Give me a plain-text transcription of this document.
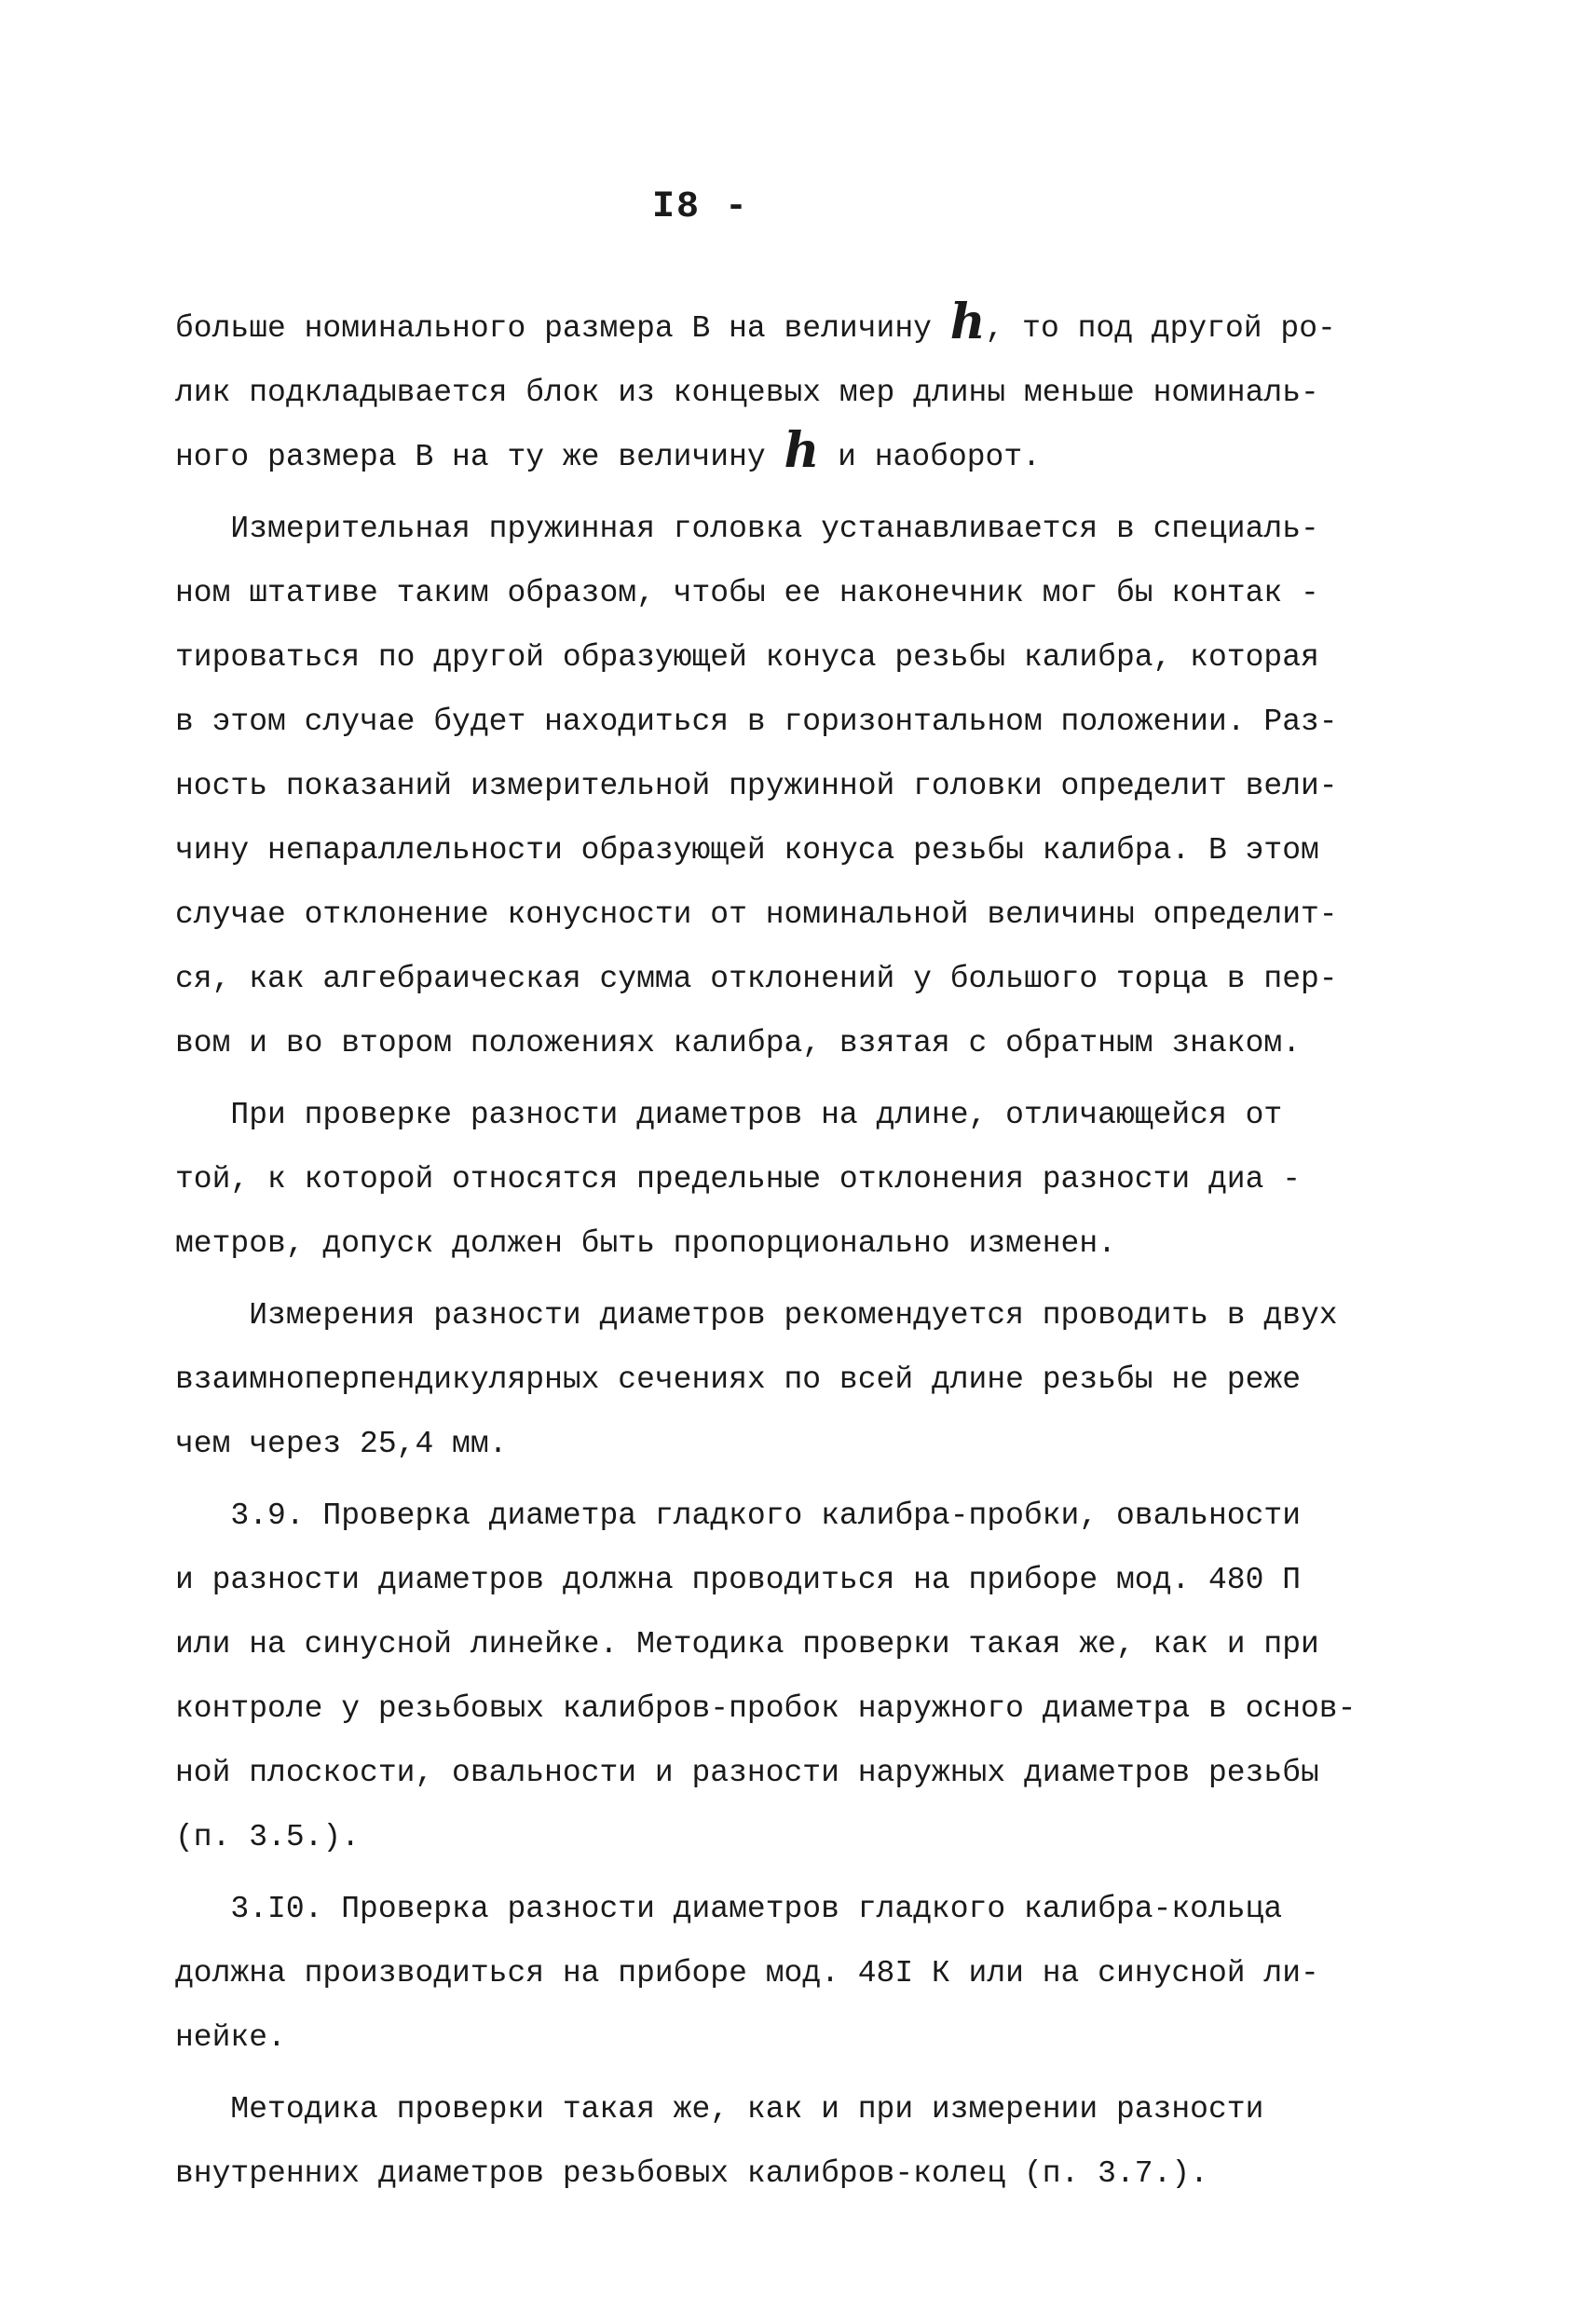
I8 -
больше номинального размера В на величину h, то под другой ро-
лик подкладывается блок из концевых мер длины меньше номиналь-
ного размера В на ту же величину h и наоборот.
Измерительная пружинная головка устанавливается в специаль-
ном штативе таким образом, чтобы ее наконечник мог бы контак -
тироваться по другой образующей конуса резьбы калибра, которая
в этом случае будет находиться в горизонтальном положении. Раз-
ность показаний измерительной пружинной головки определит вели-
чину непараллельности образующей конуса резьбы калибра. В этом
случае отклонение конусности от номинальной величины определит-
ся, как алгебраическая сумма отклонений у большого торца в пер-
вом и во втором положениях калибра, взятая с обратным знаком.
При проверке разности диаметров на длине, отличающейся от
той, к которой относятся предельные отклонения разности диа -
метров, допуск должен быть пропорционально изменен.
Измерения разности диаметров рекомендуется проводить в двух
взаимноперпендикулярных сечениях по всей длине резьбы не реже
чем через 25,4 мм.
3.9. Проверка диаметра гладкого калибра-пробки, овальности
и разности диаметров должна проводиться на приборе мод. 480 П
или на синусной линейке. Методика проверки такая же, как и при
контроле у резьбовых калибров-пробок наружного диаметра в основ-
ной плоскости, овальности и разности наружных диаметров резьбы
(п. 3.5.).
3.I0. Проверка разности диаметров гладкого калибра-кольца
должна производиться на приборе мод. 48I К или на синусной ли-
нейке.
Методика проверки такая же, как и при измерении разности
внутренних диаметров резьбовых калибров-колец (п. 3.7.).
